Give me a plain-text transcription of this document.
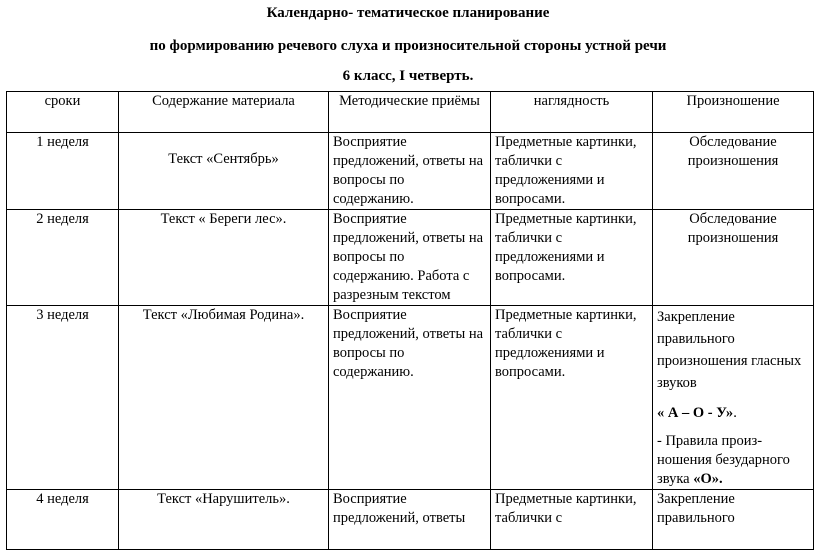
Календарно- тематическое планирование
по формированию речевого слуха и произносительной стороны устной речи
6 класс, I четверть.
сроки	Содержание материала	Методические приёмы	наглядность	Произношение
1 неделя	Текст «Сентябрь»	Восприятие предложений, ответы на вопросы по содержанию.	Предметные картинки, таблички с предложениями и вопросами.	Обследование произношения
2 неделя	Текст « Береги лес».	Восприятие предложений, ответы на вопросы по содержанию. Работа с разрезным текстом	Предметные картинки, таблички с предложениями и вопросами.	Обследование произношения
3 неделя	Текст «Любимая Родина».	Восприятие предложений, ответы на вопросы по содержанию.	Предметные картинки, таблички с предложениями и вопросами.	Закрепление правильного произношения гласных звуков

« А – О - У».

- Правила произ- ношения безударного звука «О».

4 неделя	Текст «Нарушитель».	Восприятие предложений, ответы	Предметные картинки, таблички с	Закрепление правильного
